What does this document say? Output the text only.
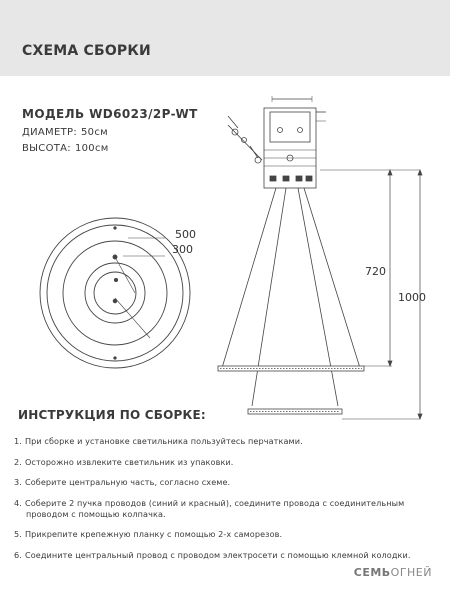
СХЕМА СБОРКИ
МОДЕЛЬ WD6023/2P-WT
ДИАМЕТР: 50см
ВЫСОТА: 100см
500
300
720
1000
ИНСТРУКЦИЯ ПО СБОРКЕ:
1. При сборке и установке светильника пользуйтесь перчатками.
2. Осторожно извлеките светильник из упаковки.
3. Соберите центральную часть, согласно схеме.
4. Соберите 2 пучка проводов (синий и красный), соедините провода с соединительным
проводом с помощью колпачка.
5. Прикрепите крепежную планку с помощью 2-х саморезов.
6. Соедините центральный провод с проводом электросети с помощью клемной колодки.
СЕМЬОГНЕЙ
